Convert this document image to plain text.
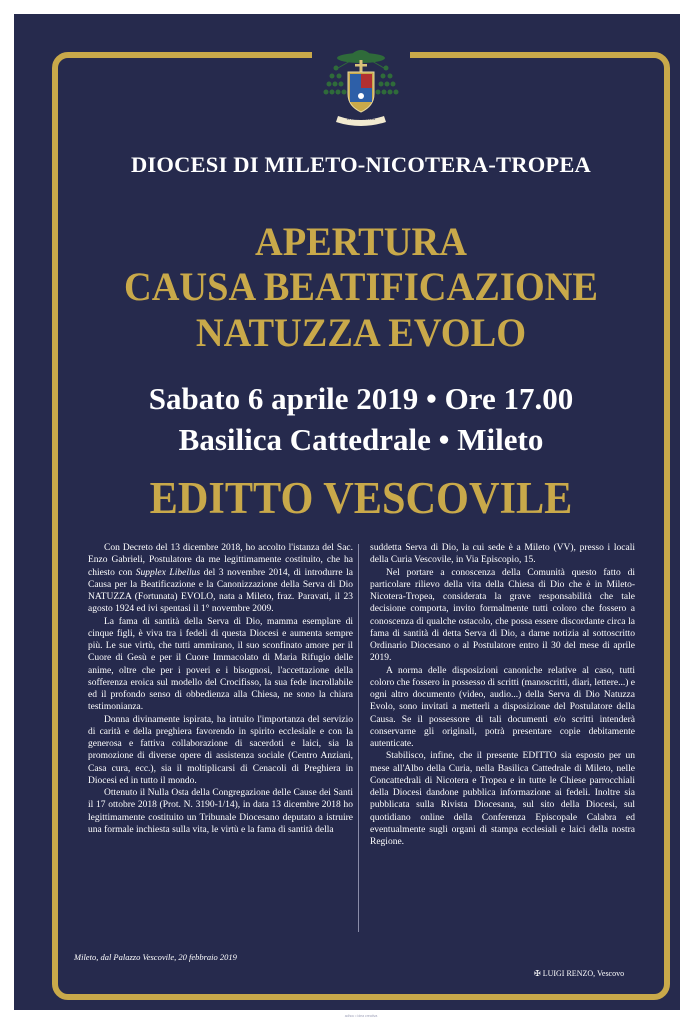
IN CARITATE VERA
DIOCESI DI MILETO-NICOTERA-TROPEA
APERTURA
CAUSA BEATIFICAZIONE
NATUZZA EVOLO
Sabato 6 aprile 2019 • Ore 17.00
Basilica Cattedrale • Mileto
EDITTO VESCOVILE

Con Decreto del 13 dicembre 2018, ho accolto l'istanza del Sac. Enzo Gabrieli, Postulatore da me legittimamente costituito, che ha chiesto con Supplex Libellus del 3 novembre 2014, di introdurre la Causa per la Beatificazione e la Canonizzazione della Serva di Dio NATUZZA (Fortunata) EVOLO, nata a Mileto, fraz. Paravati, il 23 agosto 1924 ed ivi spentasi il 1° novembre 2009.

La fama di santità della Serva di Dio, mamma esemplare di cinque figli, è viva tra i fedeli di questa Diocesi e aumenta sempre più. Le sue virtù, che tutti ammirano, il suo sconfinato amore per il Cuore di Gesù e per il Cuore Immacolato di Maria Rifugio delle anime, oltre che per i poveri e i bisognosi, l'accettazione della sofferenza eroica sul modello del Crocifisso, la sua fede incrollabile ed il profondo senso di obbedienza alla Chiesa, ne sono la chiara testimonianza.

Donna divinamente ispirata, ha intuito l'importanza del servizio di carità e della preghiera favorendo in spirito ecclesiale e con la generosa e fattiva collaborazione di sacerdoti e laici, sia la promozione di diverse opere di assistenza sociale (Centro Anziani, Casa cura, ecc.), sia il moltiplicarsi di Cenacoli di Preghiera in Diocesi ed in tutto il mondo.

Ottenuto il Nulla Osta della Congregazione delle Cause dei Santi il 17 ottobre 2018 (Prot. N. 3190-1/14), in data 13 dicembre 2018 ho legittimamente costituito un Tribunale Diocesano deputato a istruire una formale inchiesta sulla vita, le virtù e la fama di santità della

suddetta Serva di Dio, la cui sede è a Mileto (VV), presso i locali della Curia Vescovile, in Via Episcopio, 15.

Nel portare a conoscenza della Comunità questo fatto di particolare rilievo della vita della Chiesa di Dio che è in Mileto-Nicotera-Tropea, considerata la grave responsabilità che tale decisione comporta, invito formalmente tutti coloro che fossero a conoscenza di qualche ostacolo, che possa essere discordante circa la fama di santità di detta Serva di Dio, a darne notizia al sottoscritto Ordinario Diocesano o al Postulatore entro il 30 del mese di aprile 2019.

A norma delle disposizioni canoniche relative al caso, tutti coloro che fossero in possesso di scritti (manoscritti, diari, lettere...) e ogni altro documento (video, audio...) della Serva di Dio Natuzza Evolo, sono invitati a metterli a disposizione del Postulatore della Causa. Se il possessore di tali documenti e/o scritti intenderà conservarne gli originali, potrà presentare copie debitamente autenticate.

Stabilisco, infine, che il presente EDITTO sia esposto per un mese all'Albo della Curia, nella Basilica Cattedrale di Mileto, nelle Concattedrali di Nicotera e Tropea e in tutte le Chiese parrocchiali della Diocesi dandone pubblica informazione ai fedeli. Inoltre sia pubblicata sulla Rivista Diocesana, sul sito della Diocesi, sul quotidiano online della Conferenza Episcopale Calabra ed eventualmente sugli organi di stampa ecclesiali e laici della nostra Regione.

Mileto, dal Palazzo Vescovile, 20 febbraio 2019
✠ LUIGI RENZO, Vescovo
adhoc • idea creativa
